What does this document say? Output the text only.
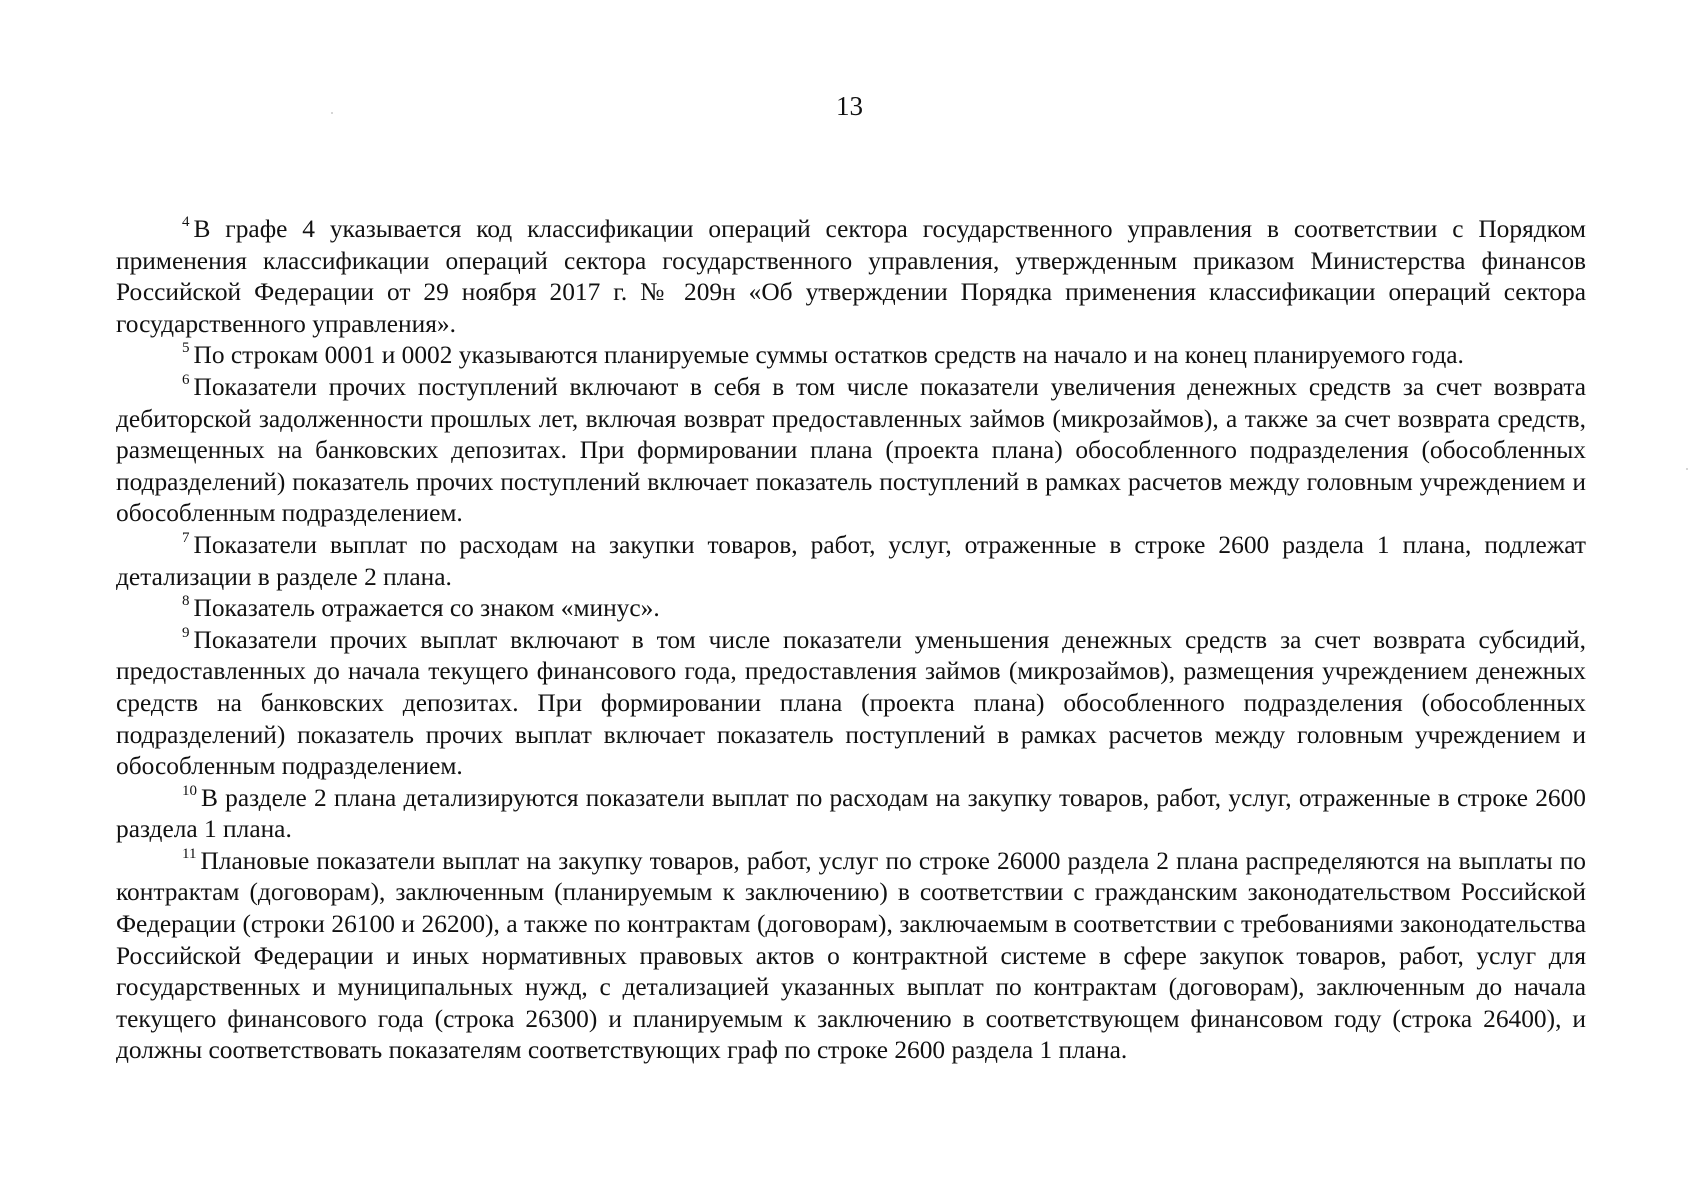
13

$^4$ В графе 4 указывается код классификации операций сектора государственного управления в соответствии с Порядком применения классификации операций сектора государственного управления, утвержденным приказом Министерства финансов Российской Федерации от 29 ноября 2017 г. № 209н «Об утверждении Порядка применения классификации операций сектора государственного управления».

$^5$ По строкам 0001 и 0002 указываются планируемые суммы остатков средств на начало и на конец планируемого года.

$^6$ Показатели прочих поступлений включают в себя в том числе показатели увеличения денежных средств за счет возврата дебиторской задолженности прошлых лет, включая возврат предоставленных займов (микрозаймов), а также за счет возврата средств, размещенных на банковских депозитах. При формировании плана (проекта плана) обособленного подразделения (обособленных подразделений) показатель прочих поступлений включает показатель поступлений в рамках расчетов между головным учреждением и обособленным подразделением.

$^7$ Показатели выплат по расходам на закупки товаров, работ, услуг, отраженные в строке 2600 раздела 1 плана, подлежат детализации в разделе 2 плана.

$^8$ Показатель отражается со знаком «минус».

$^9$ Показатели прочих выплат включают в том числе показатели уменьшения денежных средств за счет возврата субсидий, предоставленных до начала текущего финансового года, предоставления займов (микрозаймов), размещения учреждением денежных средств на банковских депозитах. При формировании плана (проекта плана) обособленного подразделения (обособленных подразделений) показатель прочих выплат включает показатель поступлений в рамках расчетов между головным учреждением и обособленным подразделением.

$^{10}$ В разделе 2 плана детализируются показатели выплат по расходам на закупку товаров, работ, услуг, отраженные в строке 2600 раздела 1 плана.

$^{11}$ Плановые показатели выплат на закупку товаров, работ, услуг по строке 26000 раздела 2 плана распределяются на выплаты по контрактам (договорам), заключенным (планируемым к заключению) в соответствии с гражданским законодательством Российской Федерации (строки 26100 и 26200), а также по контрактам (договорам), заключаемым в соответствии с требованиями законодательства Российской Федерации и иных нормативных правовых актов о контрактной системе в сфере закупок товаров, работ, услуг для государственных и муниципальных нужд, с детализацией указанных выплат по контрактам (договорам), заключенным до начала текущего финансового года (строка 26300) и планируемым к заключению в соответствующем финансовом году (строка 26400), и должны соответствовать показателям соответствующих граф по строке 2600 раздела 1 плана.
